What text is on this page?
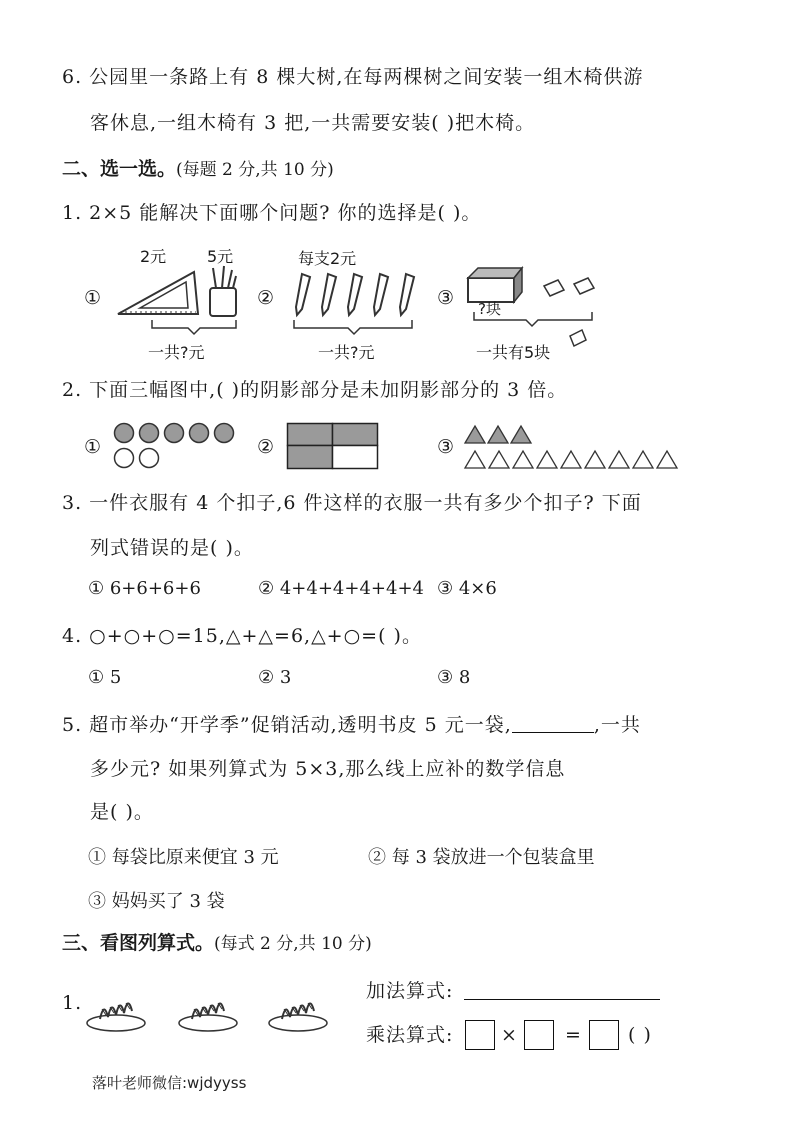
6. 公园里一条路上有 8 棵大树,在每两棵树之间安装一组木椅供游
客休息,一组木椅有 3 把,一共需要安装( )把木椅。
二、选一选。(每题 2 分,共 10 分)
1. 2×5 能解决下面哪个问题? 你的选择是( )。
①
2元	5元
一共?元
②
每支2元
一共?元
③ ?块
一共有5块
2. 下面三幅图中,( )的阴影部分是未加阴影部分的 3 倍。
①	②	③
3. 一件衣服有 4 个扣子,6 件这样的衣服一共有多少个扣子? 下面
列式错误的是( )。
① 6+6+6+6	② 4+4+4+4+4+4 ③ 4×6
4. ○+○+○=15,△+△=6,△+○=( )。
① 5	② 3	③ 8
5. 超市举办“开学季”促销活动,透明书皮 5 元一袋,	,一共
多少元? 如果列算式为 5×3,那么线上应补的数学信息
是( )。
① 每袋比原来便宜 3 元	② 每 3 袋放进一个包装盒里
③ 妈妈买了 3 袋
三、看图列算式。(每式 2 分,共 10 分)
1.
加法算式:
乘法算式:	× = ( )
落叶老师微信:wjdyyss
